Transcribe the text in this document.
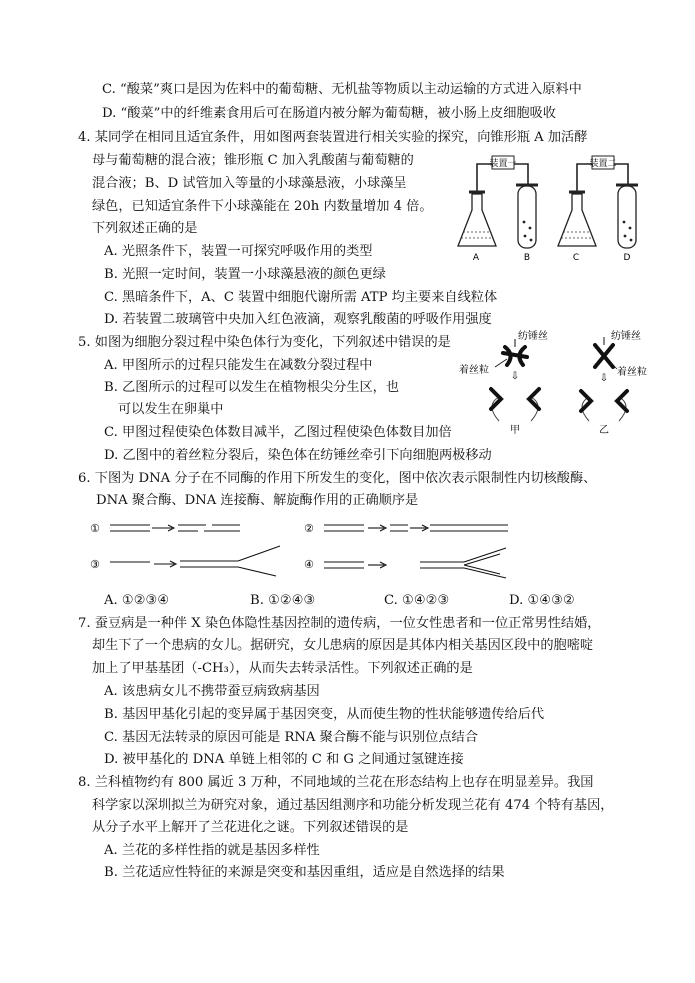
C. “酸菜”爽口是因为佐料中的葡萄糖、无机盐等物质以主动运输的方式进入原料中
D. “酸菜”中的纤维素食用后可在肠道内被分解为葡萄糖，被小肠上皮细胞吸收
4. 某同学在相同且适宜条件，用如图两套装置进行相关实验的探究，向锥形瓶 A 加活酵
母与葡萄糖的混合液；锥形瓶 C 加入乳酸菌与葡萄糖的
混合液；B、D 试管加入等量的小球藻悬液，小球藻呈
绿色，已知适宜条件下小球藻能在 20h 内数量增加 4 倍。
下列叙述正确的是
A. 光照条件下，装置一可探究呼吸作用的类型
B. 光照一定时间，装置一小球藻悬液的颜色更绿
C. 黑暗条件下，A、C 装置中细胞代谢所需 ATP 均主要来自线粒体
D. 若装置二玻璃管中央加入红色液滴，观察乳酸菌的呼吸作用强度
装置一
A	B
装置二
C	D
5. 如图为细胞分裂过程中染色体行为变化，下列叙述中错误的是
A. 甲图所示的过程只能发生在减数分裂过程中
B. 乙图所示的过程可以发生在植物根尖分生区，也
可以发生在卵巢中
C. 甲图过程使染色体数目减半，乙图过程使染色体数目加倍
D. 乙图中的着丝粒分裂后，染色体在纺锤丝牵引下向细胞两极移动
纺锤丝	纺锤丝
着丝粒	着丝粒
⇩
甲
⇩
乙
6. 下图为 DNA 分子在不同酶的作用下所发生的变化，图中依次表示限制性内切核酸酶、
DNA 聚合酶、DNA 连接酶、解旋酶作用的正确顺序是
①	②
③	④
A. ①②③④	B. ①②④③	C. ①④②③	D. ①④③②
7. 蚕豆病是一种伴 X 染色体隐性基因控制的遗传病，一位女性患者和一位正常男性结婚，
却生下了一个患病的女儿。据研究，女儿患病的原因是其体内相关基因区段中的胞嘧啶
加上了甲基基团（-CH₃），从而失去转录活性。下列叙述正确的是
A. 该患病女儿不携带蚕豆病致病基因
B. 基因甲基化引起的变异属于基因突变，从而使生物的性状能够遗传给后代
C. 基因无法转录的原因可能是 RNA 聚合酶不能与识别位点结合
D. 被甲基化的 DNA 单链上相邻的 C 和 G 之间通过氢键连接
8. 兰科植物约有 800 属近 3 万种，不同地域的兰花在形态结构上也存在明显差异。我国
科学家以深圳拟兰为研究对象，通过基因组测序和功能分析发现兰花有 474 个特有基因，
从分子水平上解开了兰花进化之谜。下列叙述错误的是
A. 兰花的多样性指的就是基因多样性
B. 兰花适应性特征的来源是突变和基因重组，适应是自然选择的结果
